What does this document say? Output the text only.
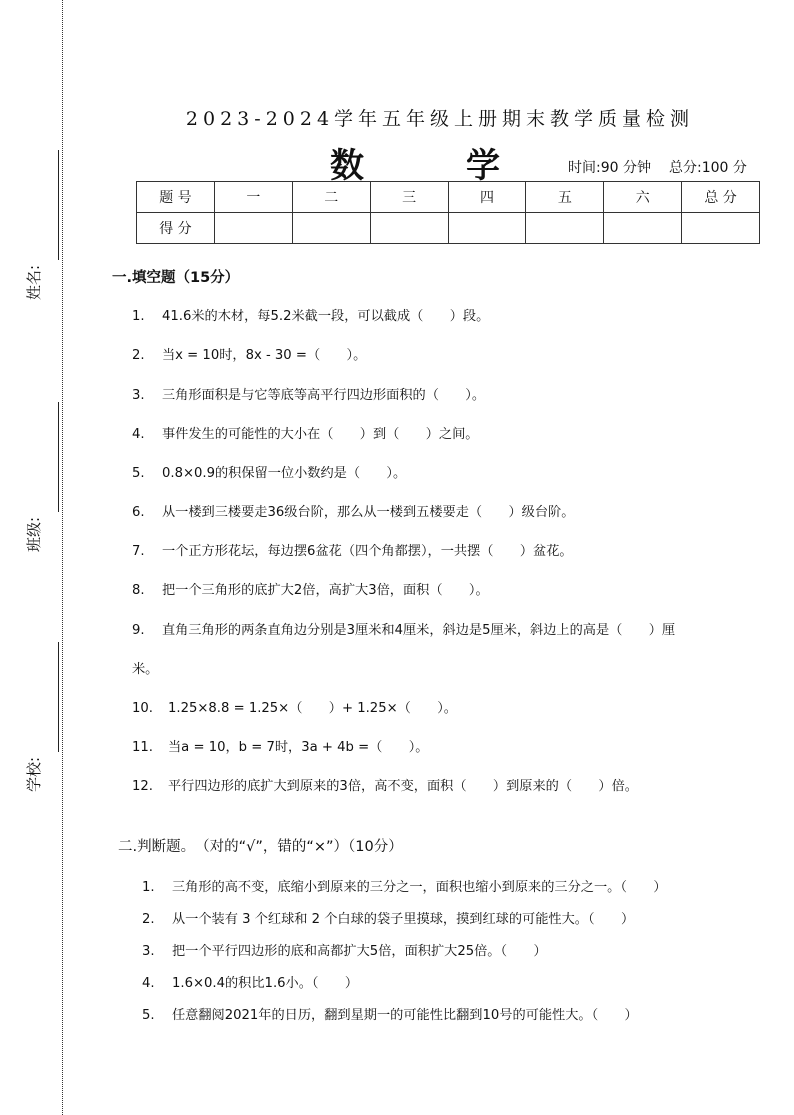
姓名:
班级:
学校:
2023-2024学年五年级上册期末教学质量检测
数	学	时间:90 分钟 总分:100 分
题 号	一	二	三	四	五	六	总 分
得 分							
一.填空题（15分）
1. 41.6米的木材，每5.2米截一段，可以截成（　　）段。
2. 当x = 10时，8x - 30 =（　　）。
3. 三角形面积是与它等底等高平行四边形面积的（　　）。
4. 事件发生的可能性的大小在（　　）到（　　）之间。
5. 0.8×0.9的积保留一位小数约是（　　）。
6. 从一楼到三楼要走36级台阶，那么从一楼到五楼要走（　　）级台阶。
7. 一个正方形花坛，每边摆6盆花（四个角都摆），一共摆（　　）盆花。
8. 把一个三角形的底扩大2倍，高扩大3倍，面积（　　）。
9. 直角三角形的两条直角边分别是3厘米和4厘米，斜边是5厘米，斜边上的高是（　　）厘
米。
10. 1.25×8.8 = 1.25×（　　）+ 1.25×（　　）。
11. 当a = 10，b = 7时，3a + 4b =（　　）。
12. 平行四边形的底扩大到原来的3倍，高不变，面积（　　）到原来的（　　）倍。
二.判断题。　（对的“√”，错的“×”）（10分）
1. 三角形的高不变，底缩小到原来的三分之一，面积也缩小到原来的三分之一。（　　）
2. 从一个装有 3 个红球和 2 个白球的袋子里摸球，摸到红球的可能性大。（　　）
3. 把一个平行四边形的底和高都扩大5倍，面积扩大25倍。（　　）
4. 1.6×0.4的积比1.6小。（　　）
5. 任意翻阅2021年的日历，翻到星期一的可能性比翻到10号的可能性大。（　　）
